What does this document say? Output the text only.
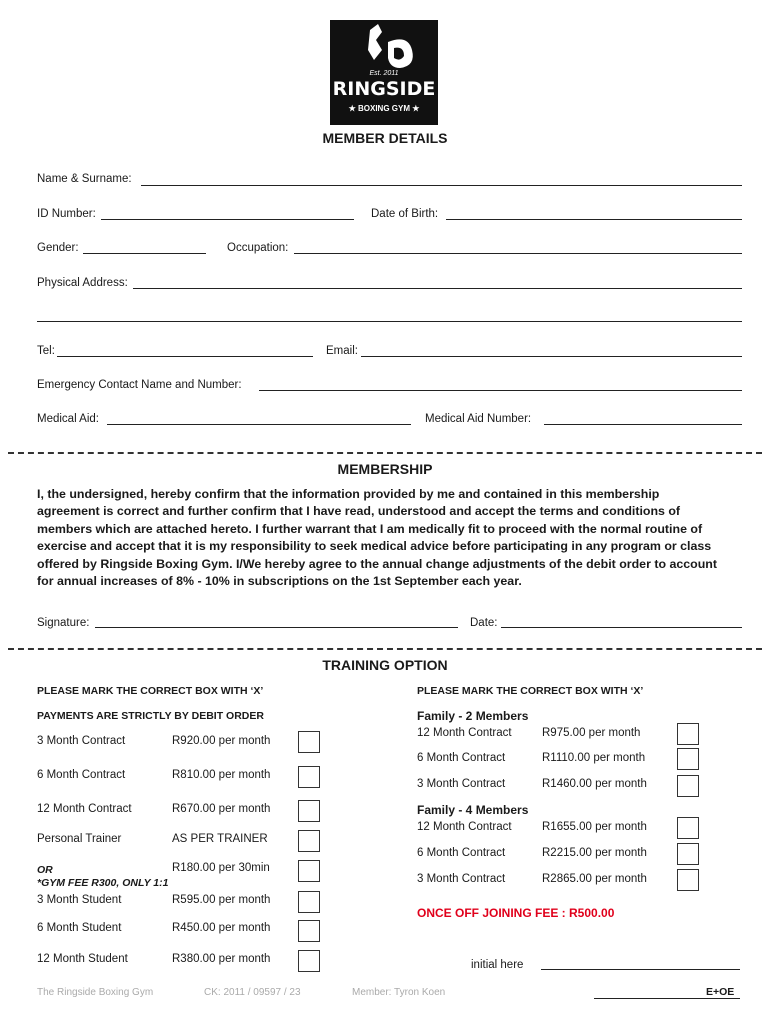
Est. 2011
RINGSIDE
★ BOXING GYM ★
MEMBER DETAILS
Name & Surname:
ID Number:	Date of Birth:
Gender:	Occupation:
Physical Address:
Tel:	Email:
Emergency Contact Name and Number:
Medical Aid:	Medical Aid Number:
MEMBERSHIP

I, the undersigned, hereby confirm that the information provided by me and contained in this membership

agreement is correct and further confirm that I have read, understood and accept the terms and conditions of

members which are attached hereto. I further warrant that I am medically fit to proceed with the normal routine of

exercise and accept that it is my responsibility to seek medical advice before participating in any program or class

offered by Ringside Boxing Gym. I/We hereby agree to the annual change adjustments of the debit order to account

for annual increases of 8% - 10% in subscriptions on the 1st September each year.

Signature:	Date:
TRAINING OPTION
PLEASE MARK THE CORRECT BOX WITH ‘X’	PLEASE MARK THE CORRECT BOX WITH ‘X’
PAYMENTS ARE STRICTLY BY DEBIT ORDER
3 Month Contract	R920.00 per month
6 Month Contract	R810.00 per month
12 Month Contract	R670.00 per month
Personal Trainer	AS PER TRAINER
OR
*GYM FEE R300, ONLY 1:1
R180.00 per 30min
3 Month Student	R595.00 per month
6 Month Student	R450.00 per month
12 Month Student	R380.00 per month
Family - 2 Members
12 Month Contract	R975.00 per month
6 Month Contract	R1110.00 per month
3 Month Contract	R1460.00 per month
Family - 4 Members
12 Month Contract	R1655.00 per month
6 Month Contract	R2215.00 per month
3 Month Contract	R2865.00 per month
ONCE OFF JOINING FEE : R500.00
initial here
The Ringside Boxing Gym	CK: 2011 / 09597 / 23	Member: Tyron Koen	E+OE
